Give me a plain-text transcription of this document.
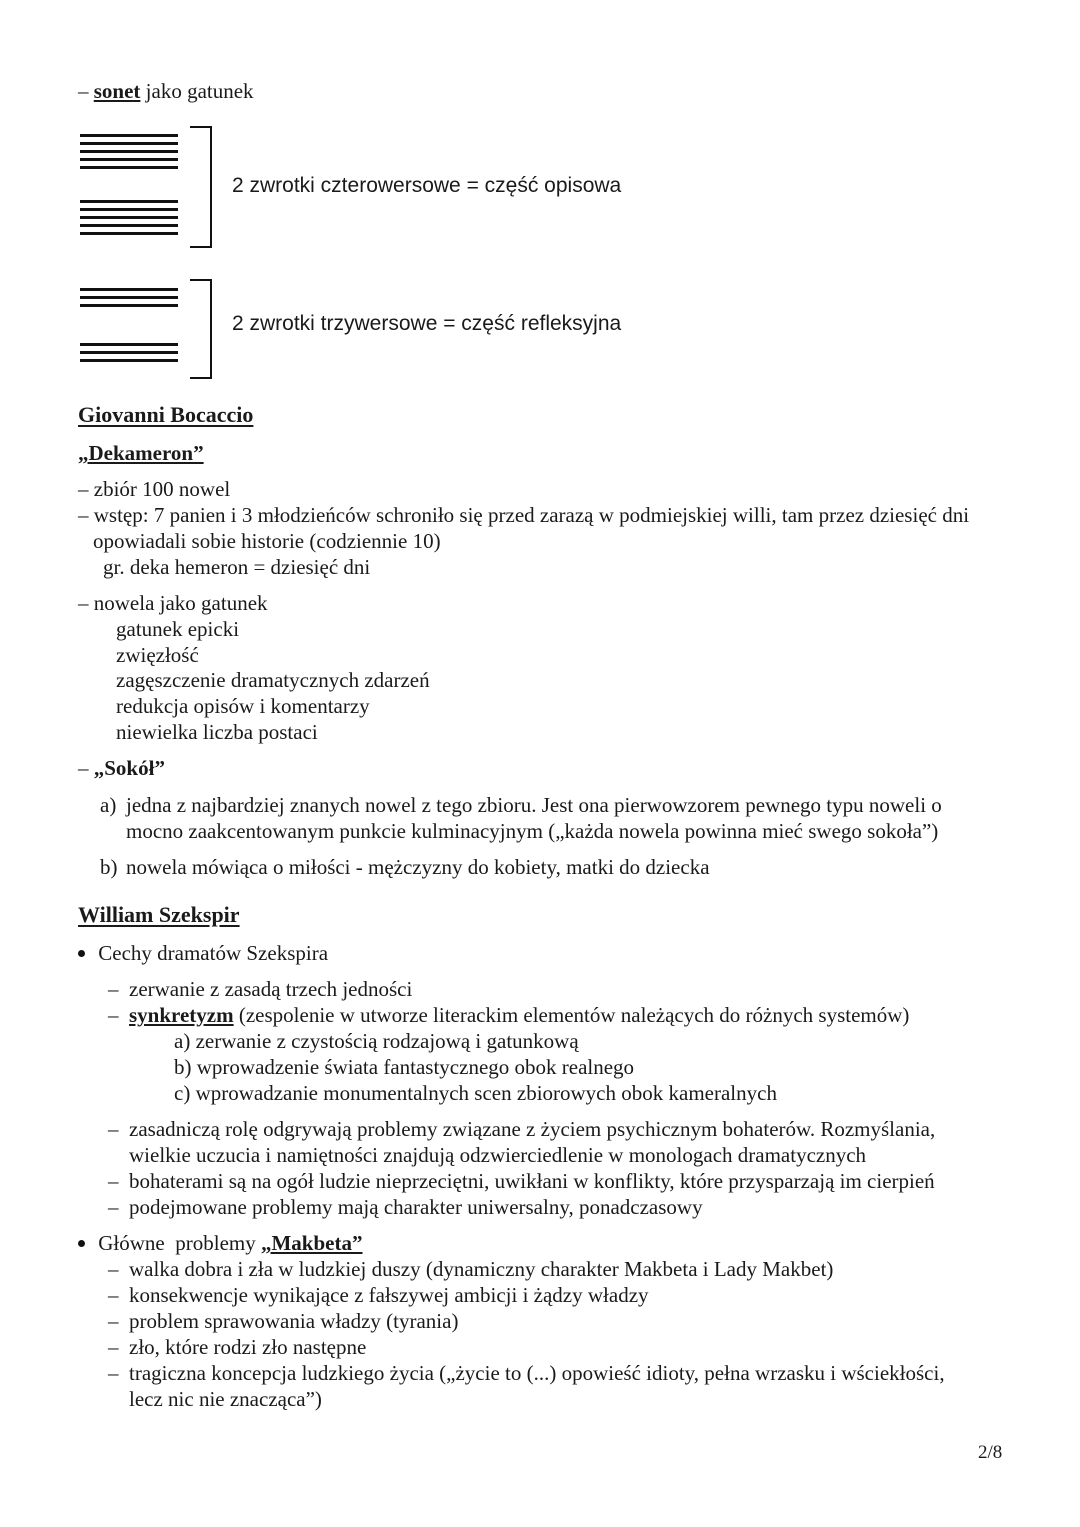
– sonet jako gatunek
2 zwrotki czterowersowe = część opisowa
2 zwrotki trzywersowe = część refleksyjna
Giovanni Bocaccio
„Dekameron”
– zbiór 100 nowel
– wstęp: 7 panien i 3 młodzieńców schroniło się przed zarazą w podmiejskiej willi, tam przez dziesięć dni
opowiadali sobie historie (codziennie 10)
gr. deka hemeron = dziesięć dni
– nowela jako gatunek
gatunek epicki
zwięzłość
zagęszczenie dramatycznych zdarzeń
redukcja opisów i komentarzy
niewielka liczba postaci
– „Sokół”
a) jedna z najbardziej znanych nowel z tego zbioru. Jest ona pierwowzorem pewnego typu noweli o
mocno zaakcentowanym punkcie kulminacyjnym („każda nowela powinna mieć swego sokoła”)
b) nowela mówiąca o miłości - mężczyzny do kobiety, matki do dziecka
William Szekspir
Cechy dramatów Szekspira
– zerwanie z zasadą trzech jedności
– synkretyzm (zespolenie w utworze literackim elementów należących do różnych systemów)
a) zerwanie z czystością rodzajową i gatunkową
b) wprowadzenie świata fantastycznego obok realnego
c) wprowadzanie monumentalnych scen zbiorowych obok kameralnych
– zasadniczą rolę odgrywają problemy związane z życiem psychicznym bohaterów. Rozmyślania,
wielkie uczucia i namiętności znajdują odzwierciedlenie w monologach dramatycznych
– bohaterami są na ogół ludzie nieprzeciętni, uwikłani w konflikty, które przysparzają im cierpień
– podejmowane problemy mają charakter uniwersalny, ponadczasowy
Główne  problemy „Makbeta”
– walka dobra i zła w ludzkiej duszy (dynamiczny charakter Makbeta i Lady Makbet)
– konsekwencje wynikające z fałszywej ambicji i żądzy władzy
– problem sprawowania władzy (tyrania)
– zło, które rodzi zło następne
– tragiczna koncepcja ludzkiego życia („życie to (...) opowieść idioty, pełna wrzasku i wściekłości,
lecz nic nie znacząca”)
2/8
